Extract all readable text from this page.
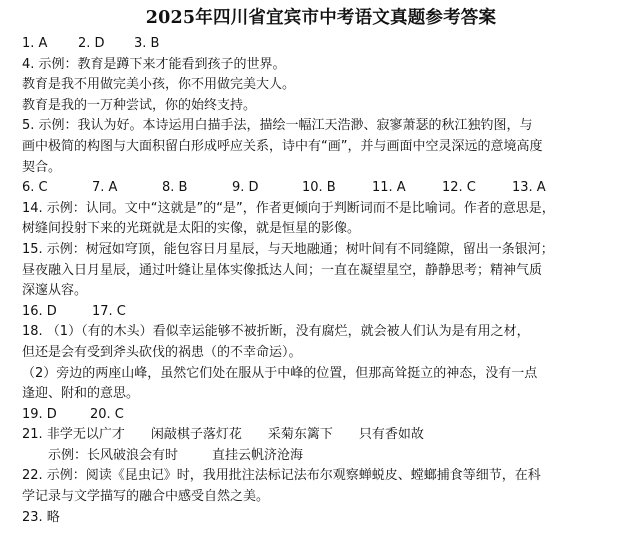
2025年四川省宜宾市中考语文真题参考答案
1. A	2. D	3. B
4. 示例：教育是蹲下来才能看到孩子的世界。
教育是我不用做完美小孩，你不用做完美大人。
教育是我的一万种尝试，你的始终支持。
5. 示例：我认为好。本诗运用白描手法，描绘一幅江天浩渺、寂寥萧瑟的秋江独钓图，与
画中极简的构图与大面积留白形成呼应关系，诗中有“画”，并与画面中空灵深远的意境高度
契合。
6. C	7. A	8. B	9. D	10. B	11. A	12. C	13. A
14. 示例：认同。文中“这就是”的“是”，作者更倾向于判断词而不是比喻词。作者的意思是，
树缝间投射下来的光斑就是太阳的实像，就是恒星的影像。
15. 示例：树冠如穹顶，能包容日月星辰，与天地融通；树叶间有不同缝隙，留出一条银河；
昼夜融入日月星辰，通过叶缝让星体实像抵达人间；一直在凝望星空，静静思考；精神气质
深邃从容。
16. D	17. C
18. （1）（有的木头）看似幸运能够不被折断，没有腐烂，就会被人们认为是有用之材，
但还是会有受到斧头砍伐的祸患（的不幸命运）。
（2）旁边的两座山峰，虽然它们处在服从于中峰的位置，但那高耸挺立的神态，没有一点
逢迎、附和的意思。
19. D	20. C
21. 非学无以广才 闲敲棋子落灯花 采菊东篱下 只有香如故
示例：长风破浪会有时	直挂云帆济沧海
22. 示例：阅读《昆虫记》时，我用批注法标记法布尔观察蝉蜕皮、螳螂捕食等细节，在科
学记录与文学描写的融合中感受自然之美。
23. 略
